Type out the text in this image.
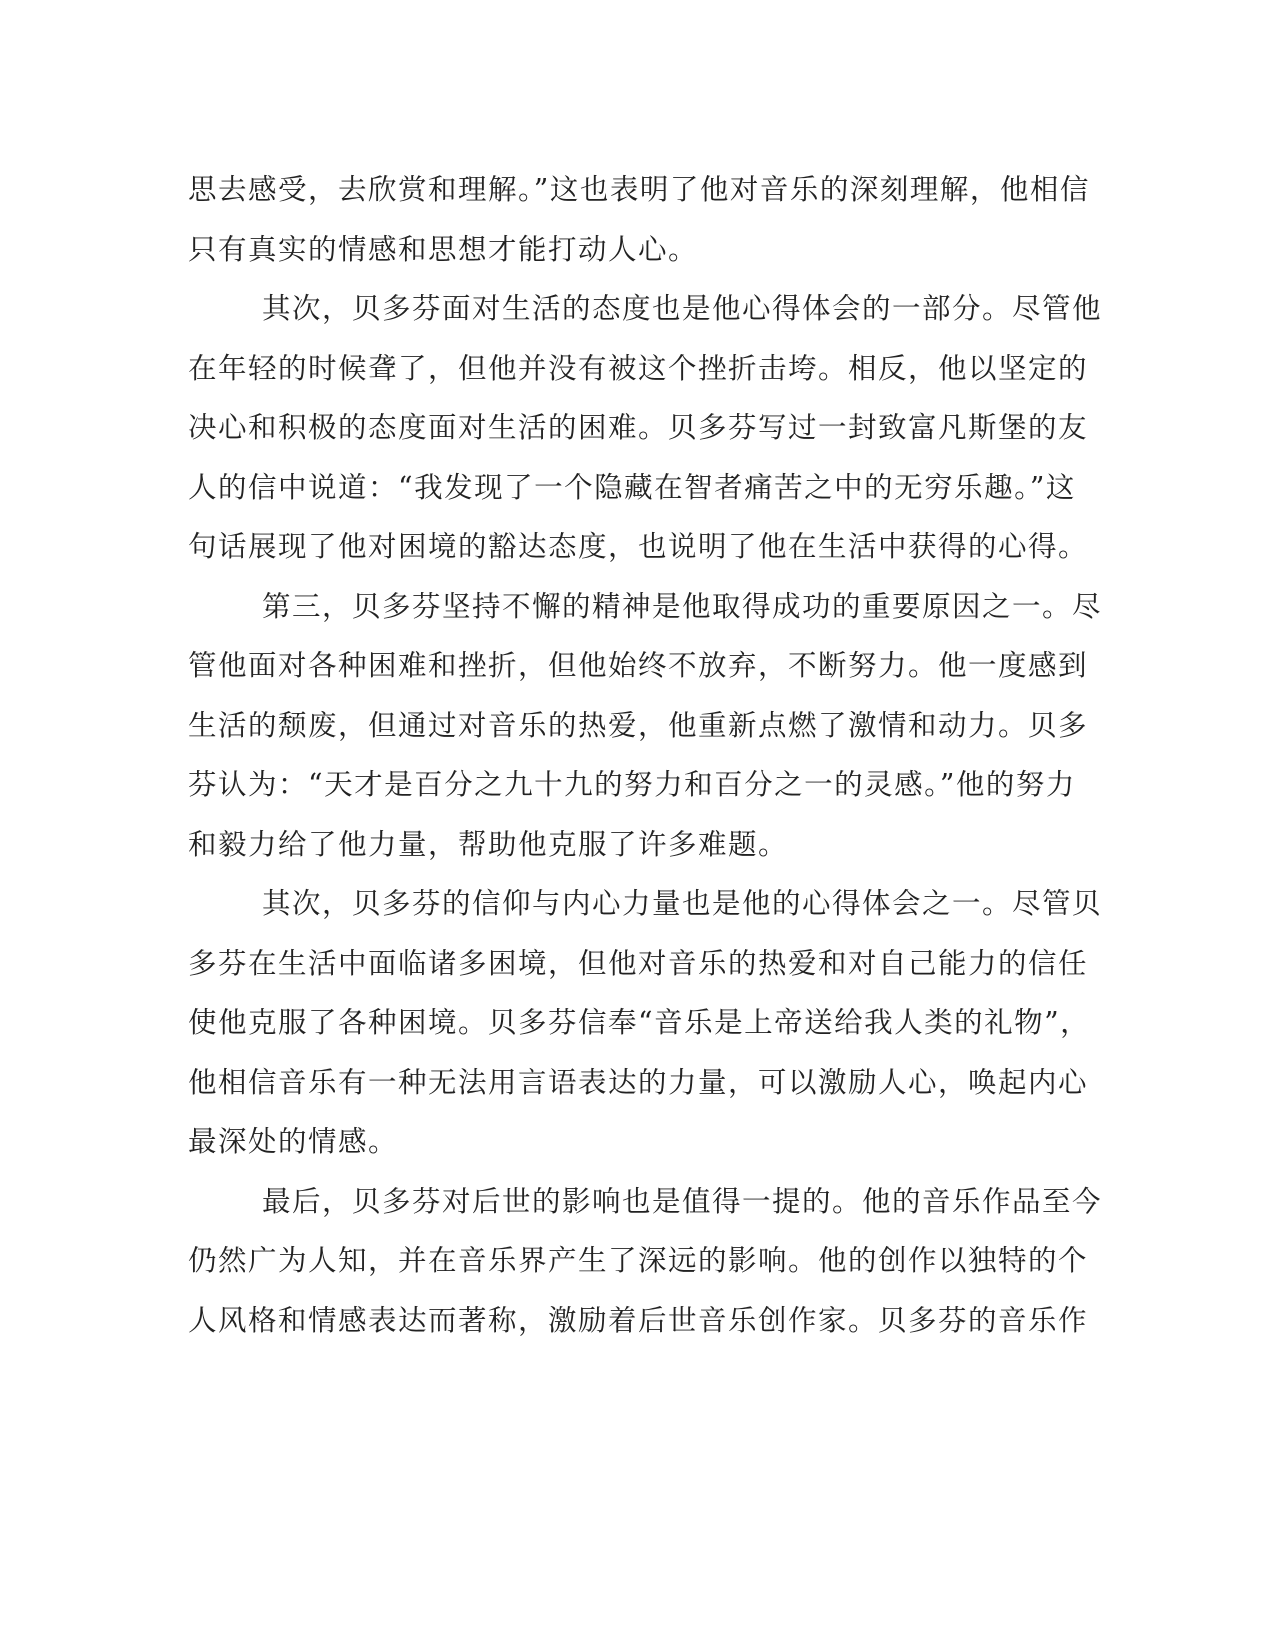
思去感受，去欣赏和理解。”这也表明了他对音乐的深刻理解，他相信
只有真实的情感和思想才能打动人心。
其次，贝多芬面对生活的态度也是他心得体会的一部分。尽管他
在年轻的时候聋了，但他并没有被这个挫折击垮。相反，他以坚定的
决心和积极的态度面对生活的困难。贝多芬写过一封致富凡斯堡的友
人的信中说道：“我发现了一个隐藏在智者痛苦之中的无穷乐趣。”这
句话展现了他对困境的豁达态度，也说明了他在生活中获得的心得。
第三，贝多芬坚持不懈的精神是他取得成功的重要原因之一。尽
管他面对各种困难和挫折，但他始终不放弃，不断努力。他一度感到
生活的颓废，但通过对音乐的热爱，他重新点燃了激情和动力。贝多
芬认为：“天才是百分之九十九的努力和百分之一的灵感。”他的努力
和毅力给了他力量，帮助他克服了许多难题。
其次，贝多芬的信仰与内心力量也是他的心得体会之一。尽管贝
多芬在生活中面临诸多困境，但他对音乐的热爱和对自己能力的信任
使他克服了各种困境。贝多芬信奉“音乐是上帝送给我人类的礼物”，
他相信音乐有一种无法用言语表达的力量，可以激励人心，唤起内心
最深处的情感。
最后，贝多芬对后世的影响也是值得一提的。他的音乐作品至今
仍然广为人知，并在音乐界产生了深远的影响。他的创作以独特的个
人风格和情感表达而著称，激励着后世音乐创作家。贝多芬的音乐作
